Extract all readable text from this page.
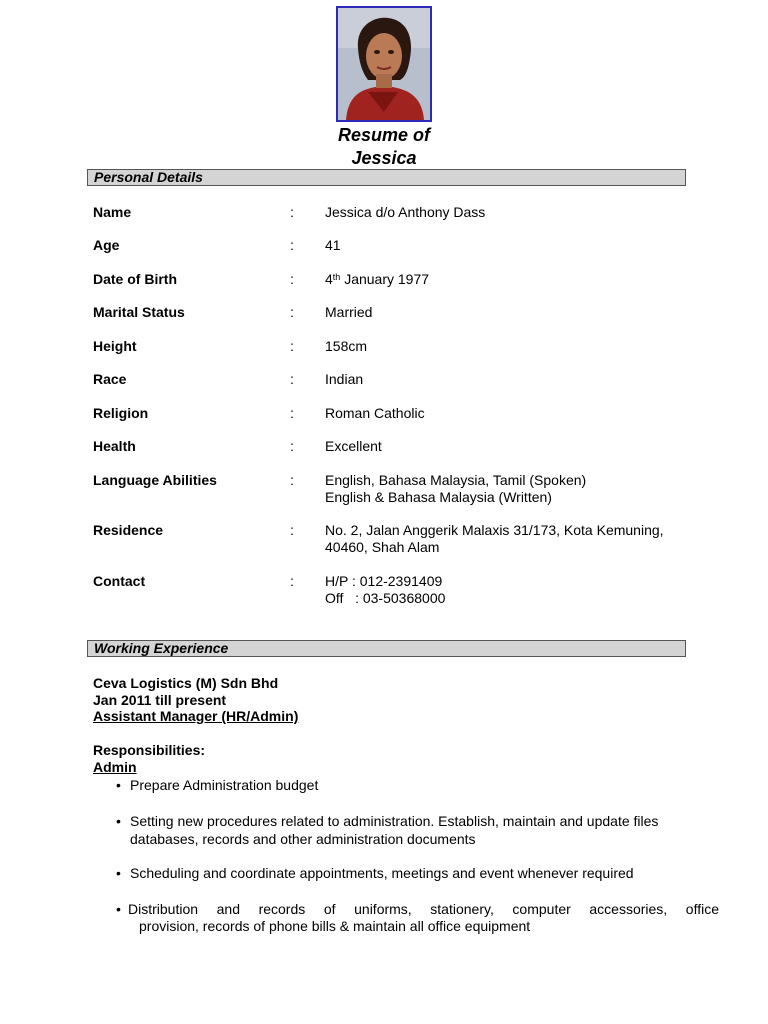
Resume of
Jessica
Personal Details
Name	: Jessica d/o Anthony Dass
Age	: 41
Date of Birth	: 4th January 1977
Marital Status	: Married
Height	: 158cm
Race	: Indian
Religion	: Roman Catholic
Health	: Excellent
Language Abilities	: English, Bahasa Malaysia, Tamil (Spoken)
English & Bahasa Malaysia (Written)
Residence	: No. 2, Jalan Anggerik Malaxis 31/173, Kota Kemuning,
40460, Shah Alam
Contact	: H/P : 012-2391409
Off   : 03-50368000
Working Experience
Ceva Logistics (M) Sdn Bhd
Jan 2011 till present
Assistant Manager (HR/Admin)
Responsibilities:
Admin
• Prepare Administration budget
• Setting new procedures related to administration. Establish, maintain and update files
databases, records and other administration documents
• Scheduling and coordinate appointments, meetings and event whenever required
• Distribution and records of uniforms, stationery, computer accessories, office
provision, records of phone bills & maintain all office equipment
